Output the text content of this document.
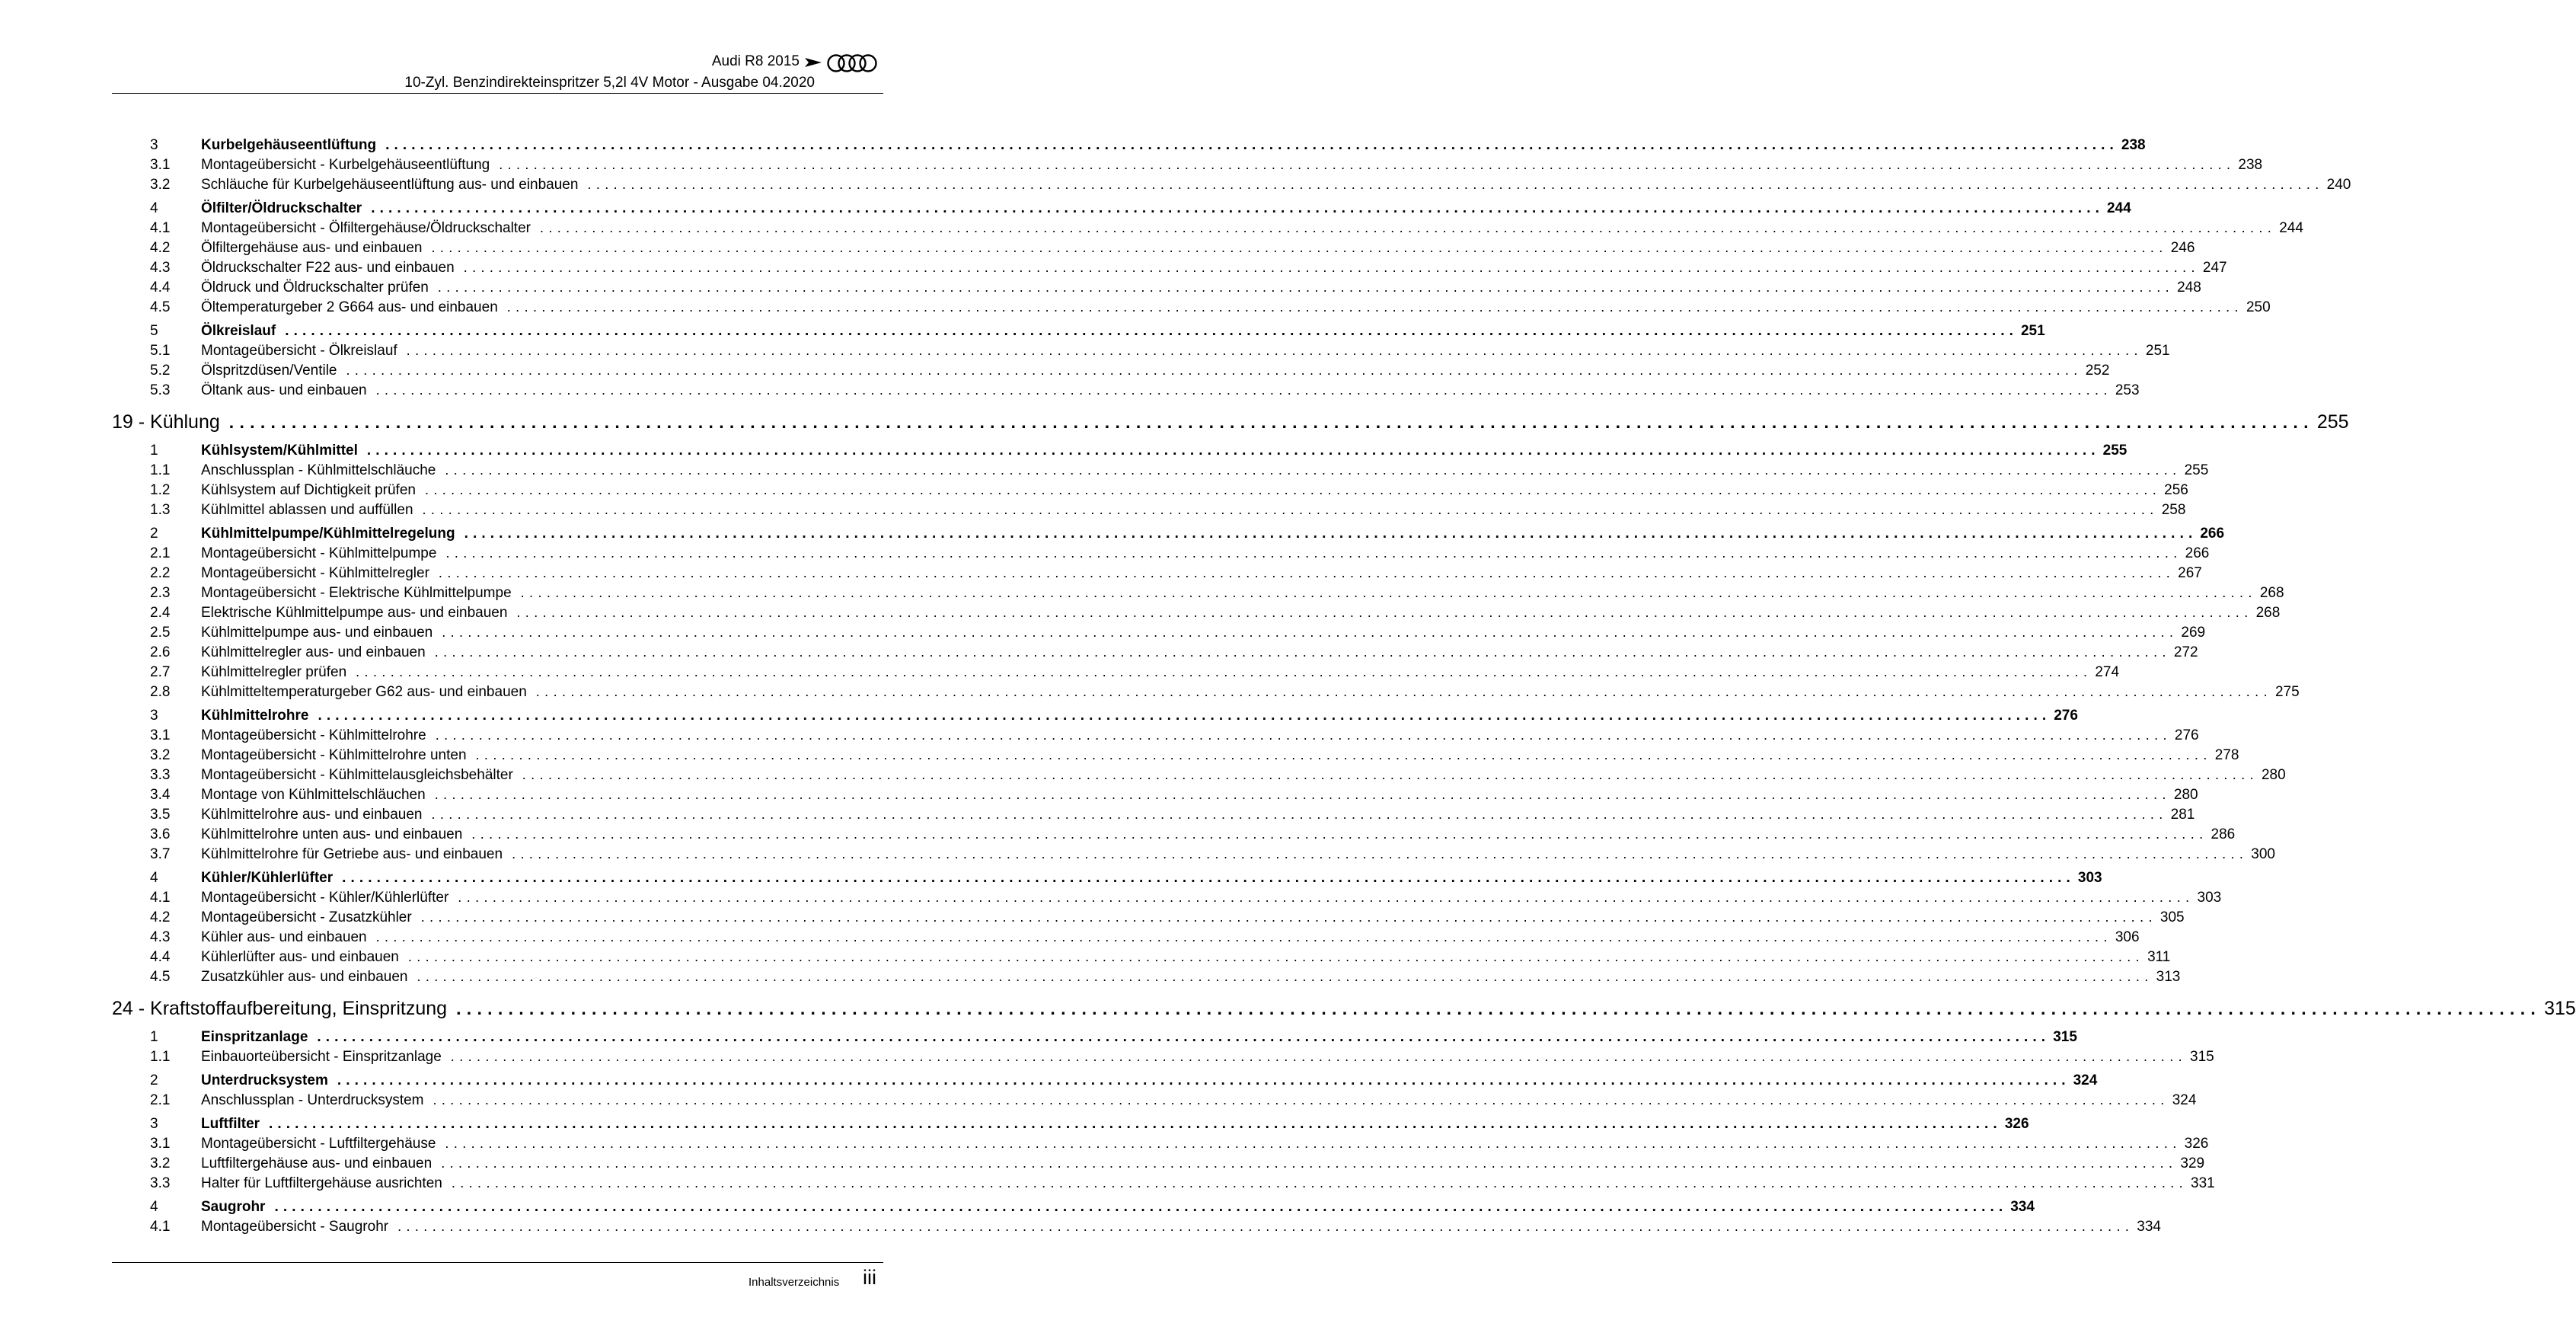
Audi R8 2015
10-Zyl. Benzindirekteinspritzer 5,2l 4V Motor - Ausgabe 04.2020
3	Kurbelgehäuseentlüftung ........................................................................................................................................................................................................ 238
3.1	Montageübersicht - Kurbelgehäuseentlüftung ........................................................................................................................................................................................................ 238
3.2	Schläuche für Kurbelgehäuseentlüftung aus- und einbauen ........................................................................................................................................................................................................ 240
4	Ölfilter/Öldruckschalter ........................................................................................................................................................................................................ 244
4.1	Montageübersicht - Ölfiltergehäuse/Öldruckschalter ........................................................................................................................................................................................................ 244
4.2	Ölfiltergehäuse aus- und einbauen ........................................................................................................................................................................................................ 246
4.3	Öldruckschalter F22 aus- und einbauen ........................................................................................................................................................................................................ 247
4.4	Öldruck und Öldruckschalter prüfen ........................................................................................................................................................................................................ 248
4.5	Öltemperaturgeber 2 G664 aus- und einbauen ........................................................................................................................................................................................................ 250
5	Ölkreislauf ........................................................................................................................................................................................................ 251
5.1	Montageübersicht - Ölkreislauf ........................................................................................................................................................................................................ 251
5.2	Ölspritzdüsen/Ventile ........................................................................................................................................................................................................ 252
5.3	Öltank aus- und einbauen ........................................................................................................................................................................................................ 253
19 - Kühlung ........................................................................................................................................................................................................ 255
1	Kühlsystem/Kühlmittel ........................................................................................................................................................................................................ 255
1.1	Anschlussplan - Kühlmittelschläuche ........................................................................................................................................................................................................ 255
1.2	Kühlsystem auf Dichtigkeit prüfen ........................................................................................................................................................................................................ 256
1.3	Kühlmittel ablassen und auffüllen ........................................................................................................................................................................................................ 258
2	Kühlmittelpumpe/Kühlmittelregelung ........................................................................................................................................................................................................ 266
2.1	Montageübersicht - Kühlmittelpumpe ........................................................................................................................................................................................................ 266
2.2	Montageübersicht - Kühlmittelregler ........................................................................................................................................................................................................ 267
2.3	Montageübersicht - Elektrische Kühlmittelpumpe ........................................................................................................................................................................................................ 268
2.4	Elektrische Kühlmittelpumpe aus- und einbauen ........................................................................................................................................................................................................ 268
2.5	Kühlmittelpumpe aus- und einbauen ........................................................................................................................................................................................................ 269
2.6	Kühlmittelregler aus- und einbauen ........................................................................................................................................................................................................ 272
2.7	Kühlmittelregler prüfen ........................................................................................................................................................................................................ 274
2.8	Kühlmitteltemperaturgeber G62 aus- und einbauen ........................................................................................................................................................................................................ 275
3	Kühlmittelrohre ........................................................................................................................................................................................................ 276
3.1	Montageübersicht - Kühlmittelrohre ........................................................................................................................................................................................................ 276
3.2	Montageübersicht - Kühlmittelrohre unten ........................................................................................................................................................................................................ 278
3.3	Montageübersicht - Kühlmittelausgleichsbehälter ........................................................................................................................................................................................................ 280
3.4	Montage von Kühlmittelschläuchen ........................................................................................................................................................................................................ 280
3.5	Kühlmittelrohre aus- und einbauen ........................................................................................................................................................................................................ 281
3.6	Kühlmittelrohre unten aus- und einbauen ........................................................................................................................................................................................................ 286
3.7	Kühlmittelrohre für Getriebe aus- und einbauen ........................................................................................................................................................................................................ 300
4	Kühler/Kühlerlüfter ........................................................................................................................................................................................................ 303
4.1	Montageübersicht - Kühler/Kühlerlüfter ........................................................................................................................................................................................................ 303
4.2	Montageübersicht - Zusatzkühler ........................................................................................................................................................................................................ 305
4.3	Kühler aus- und einbauen ........................................................................................................................................................................................................ 306
4.4	Kühlerlüfter aus- und einbauen ........................................................................................................................................................................................................ 311
4.5	Zusatzkühler aus- und einbauen ........................................................................................................................................................................................................ 313
24 - Kraftstoffaufbereitung, Einspritzung ........................................................................................................................................................................................................ 315
1	Einspritzanlage ........................................................................................................................................................................................................ 315
1.1	Einbauorteübersicht - Einspritzanlage ........................................................................................................................................................................................................ 315
2	Unterdrucksystem ........................................................................................................................................................................................................ 324
2.1	Anschlussplan - Unterdrucksystem ........................................................................................................................................................................................................ 324
3	Luftfilter ........................................................................................................................................................................................................ 326
3.1	Montageübersicht - Luftfiltergehäuse ........................................................................................................................................................................................................ 326
3.2	Luftfiltergehäuse aus- und einbauen ........................................................................................................................................................................................................ 329
3.3	Halter für Luftfiltergehäuse ausrichten ........................................................................................................................................................................................................ 331
4	Saugrohr ........................................................................................................................................................................................................ 334
4.1	Montageübersicht - Saugrohr ........................................................................................................................................................................................................ 334
Inhaltsverzeichnis iii
